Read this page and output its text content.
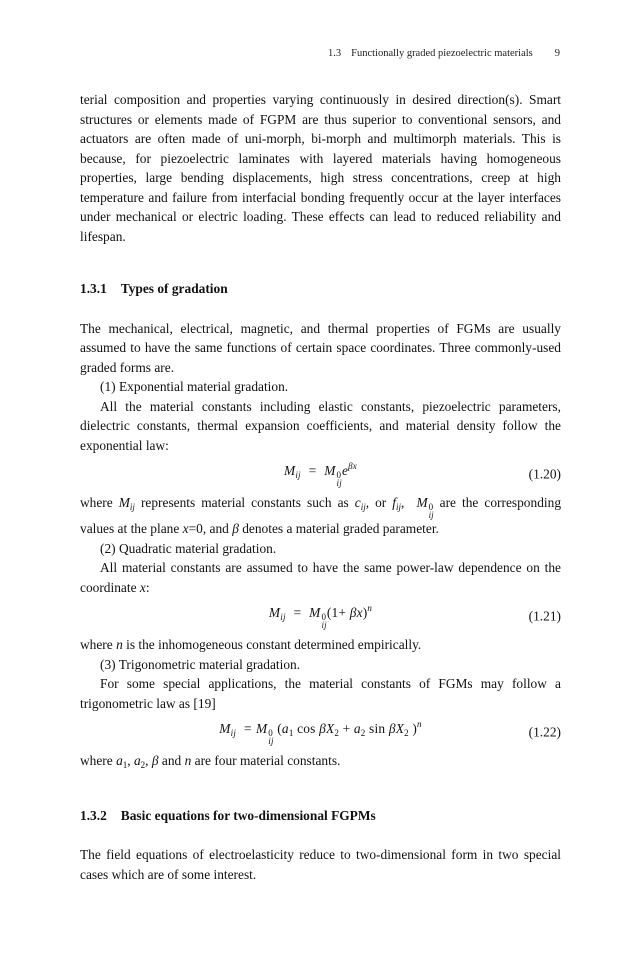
1.3 Functionally graded piezoelectric materials 9

terial composition and properties varying continuously in desired direction(s). Smart structures or elements made of FGPM are thus superior to conventional sensors, and actuators are often made of uni-morph, bi-morph and multimorph materials. This is because, for piezoelectric laminates with layered materials having homogeneous properties, large bending displacements, high stress concentrations, creep at high temperature and failure from interfacial bonding frequently occur at the layer interfaces under mechanical or electric loading. These effects can lead to reduced reliability and lifespan.

1.3.1 Types of gradation

The mechanical, electrical, magnetic, and thermal properties of FGMs are usually assumed to have the same functions of certain space coordinates. Three commonly-used graded forms are.

(1) Exponential material gradation.

All the material constants including elastic constants, piezoelectric parameters, dielectric constants, thermal expansion coefficients, and material density follow the exponential law:

$M_{ij} = M$ 0
ij
$e^{\beta x}$
(1.20)

where $M_{ij}$ represents material constants such as $c_{ij}$, or $f_{ij}$,  M 0
ij
are the corresponding values at the plane x=0, and β denotes a material graded parameter.

(2) Quadratic material gradation.

All material constants are assumed to have the same power-law dependence on the coordinate x:

$M_{ij} = M$ 0
ij
$(1+ \beta x)^n$
(1.21)

where n is the inhomogeneous constant determined empirically.

(3) Trigonometric material gradation.

For some special applications, the material constants of FGMs may follow a trigonometric law as [19]

$M_{ij} = M$ 0
ij
($a_1$ $\cos \beta X_2 + a_2$ $\sin \beta X_2$ )$^n$
(1.22)

where $a_1$, $a_2$, β and n are four material constants.

1.3.2 Basic equations for two-dimensional FGPMs

The field equations of electroelasticity reduce to two-dimensional form in two special cases which are of some interest.
